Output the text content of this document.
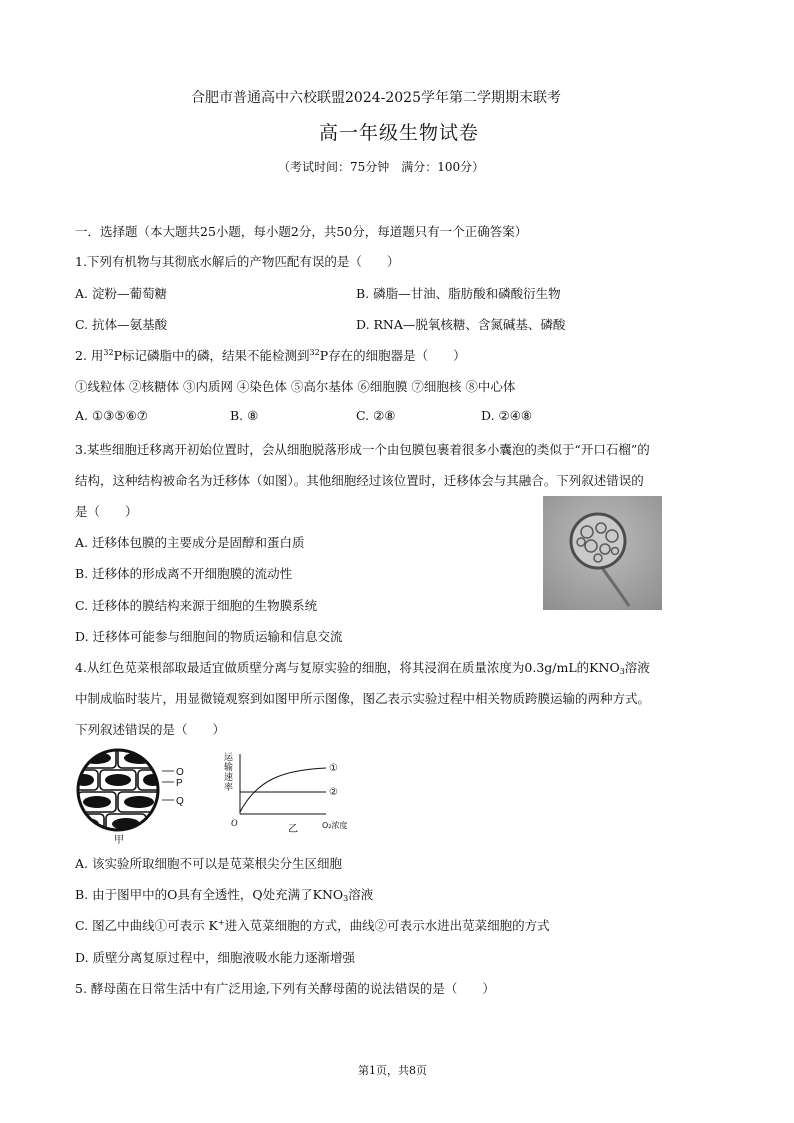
合肥市普通高中六校联盟2024-2025学年第二学期期末联考
高一年级生物试卷
（考试时间：75分钟　满分：100分）
一．选择题（本大题共25小题，每小题2分，共50分，每道题只有一个正确答案）
1.下列有机物与其彻底水解后的产物匹配有误的是（　　）
A. 淀粉—葡萄糖	B. 磷脂—甘油、脂肪酸和磷酸衍生物
C. 抗体—氨基酸	D. RNA—脱氧核糖、含氮碱基、磷酸
2. 用$^{32}$P标记磷脂中的磷，结果不能检测到$^{32}$P存在的细胞器是（　　）
①线粒体 ②核糖体 ③内质网 ④染色体 ⑤高尔基体 ⑥细胞膜 ⑦细胞核 ⑧中心体
A. ①③⑤⑥⑦	B. ⑧	C. ②⑧	D. ②④⑧
3.某些细胞迁移离开初始位置时，会从细胞脱落形成一个由包膜包裹着很多小囊泡的类似于“开口石榴”的
结构，这种结构被命名为迁移体（如图）。其他细胞经过该位置时，迁移体会与其融合。下列叙述错误的
是（　　）
A. 迁移体包膜的主要成分是固醇和蛋白质
B. 迁移体的形成离不开细胞膜的流动性
C. 迁移体的膜结构来源于细胞的生物膜系统
D. 迁移体可能参与细胞间的物质运输和信息交流
4.从红色苋菜根部取最适宜做质壁分离与复原实验的细胞，将其浸润在质量浓度为0.3g/mL的$KNO_3$溶液
中制成临时装片，用显微镜观察到如图甲所示图像，图乙表示实验过程中相关物质跨膜运输的两种方式。
下列叙述错误的是（　　）
O
P
Q
甲
运
输
速
率
①
②
O
乙	O₂浓度
A. 该实验所取细胞不可以是苋菜根尖分生区细胞
B. 由于图甲中的O具有全透性，Q处充满了$KNO_3$溶液
C. 图乙中曲线①可表示 K+进入苋菜细胞的方式，曲线②可表示水进出苋菜细胞的方式
D. 质壁分离复原过程中，细胞液吸水能力逐渐增强
5. 酵母菌在日常生活中有广泛用途,下列有关酵母菌的说法错误的是（　　）
第1页，共8页
